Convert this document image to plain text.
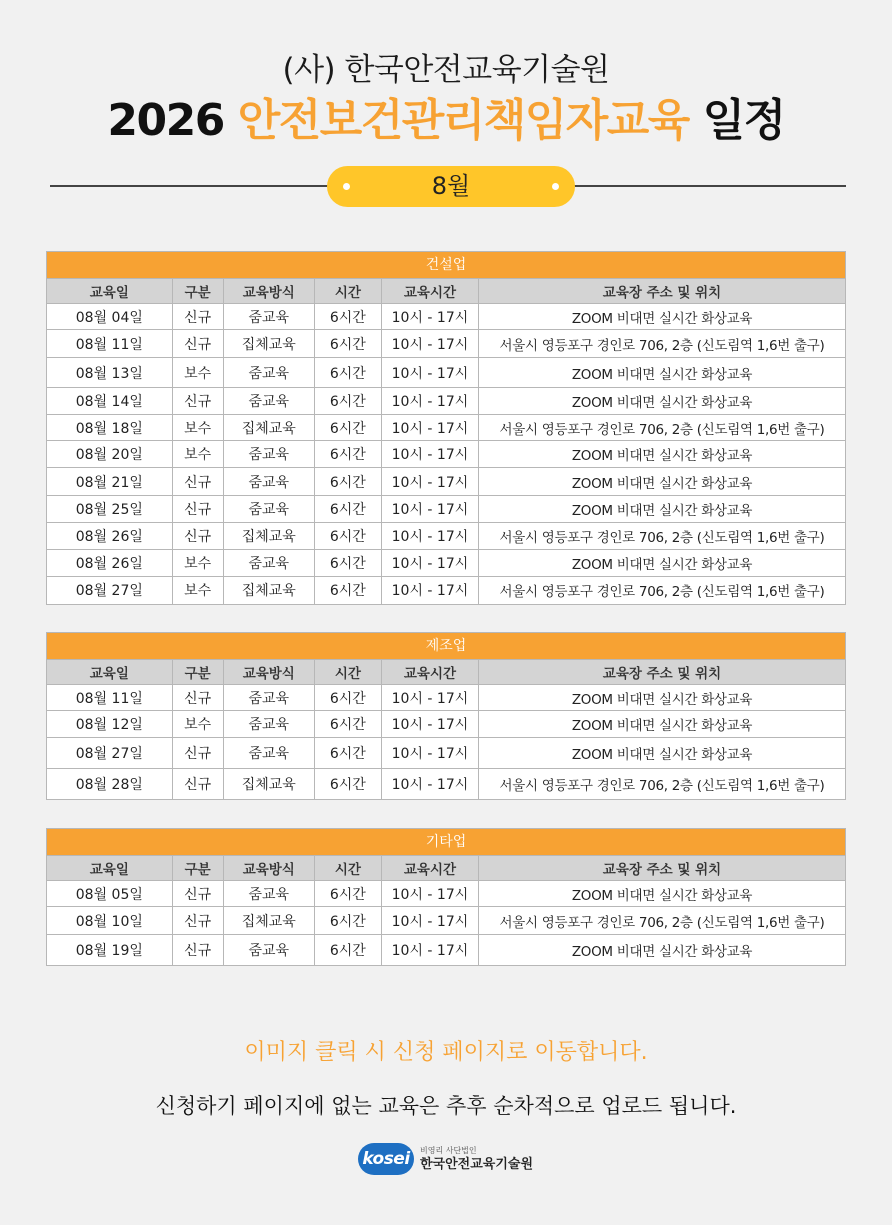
(사) 한국안전교육기술원
2026 안전보건관리책임자교육 일정
8월
건설업
교육일	구분	교육방식	시간	교육시간	교육장 주소 및 위치
08월 04일	신규	줌교육	6시간	10시 - 17시	ZOOM 비대면 실시간 화상교육
08월 11일	신규	집체교육	6시간	10시 - 17시	서울시 영등포구 경인로 706, 2층 (신도림역 1,6번 출구)
08월 13일	보수	줌교육	6시간	10시 - 17시	ZOOM 비대면 실시간 화상교육
08월 14일	신규	줌교육	6시간	10시 - 17시	ZOOM 비대면 실시간 화상교육
08월 18일	보수	집체교육	6시간	10시 - 17시	서울시 영등포구 경인로 706, 2층 (신도림역 1,6번 출구)
08월 20일	보수	줌교육	6시간	10시 - 17시	ZOOM 비대면 실시간 화상교육
08월 21일	신규	줌교육	6시간	10시 - 17시	ZOOM 비대면 실시간 화상교육
08월 25일	신규	줌교육	6시간	10시 - 17시	ZOOM 비대면 실시간 화상교육
08월 26일	신규	집체교육	6시간	10시 - 17시	서울시 영등포구 경인로 706, 2층 (신도림역 1,6번 출구)
08월 26일	보수	줌교육	6시간	10시 - 17시	ZOOM 비대면 실시간 화상교육
08월 27일	보수	집체교육	6시간	10시 - 17시	서울시 영등포구 경인로 706, 2층 (신도림역 1,6번 출구)
제조업
교육일	구분	교육방식	시간	교육시간	교육장 주소 및 위치
08월 11일	신규	줌교육	6시간	10시 - 17시	ZOOM 비대면 실시간 화상교육
08월 12일	보수	줌교육	6시간	10시 - 17시	ZOOM 비대면 실시간 화상교육
08월 27일	신규	줌교육	6시간	10시 - 17시	ZOOM 비대면 실시간 화상교육
08월 28일	신규	집체교육	6시간	10시 - 17시	서울시 영등포구 경인로 706, 2층 (신도림역 1,6번 출구)
기타업
교육일	구분	교육방식	시간	교육시간	교육장 주소 및 위치
08월 05일	신규	줌교육	6시간	10시 - 17시	ZOOM 비대면 실시간 화상교육
08월 10일	신규	집체교육	6시간	10시 - 17시	서울시 영등포구 경인로 706, 2층 (신도림역 1,6번 출구)
08월 19일	신규	줌교육	6시간	10시 - 17시	ZOOM 비대면 실시간 화상교육
이미지 클릭 시 신청 페이지로 이동합니다.
신청하기 페이지에 없는 교육은 추후 순차적으로 업로드 됩니다.
kosei	비영리 사단법인
한국안전교육기술원
